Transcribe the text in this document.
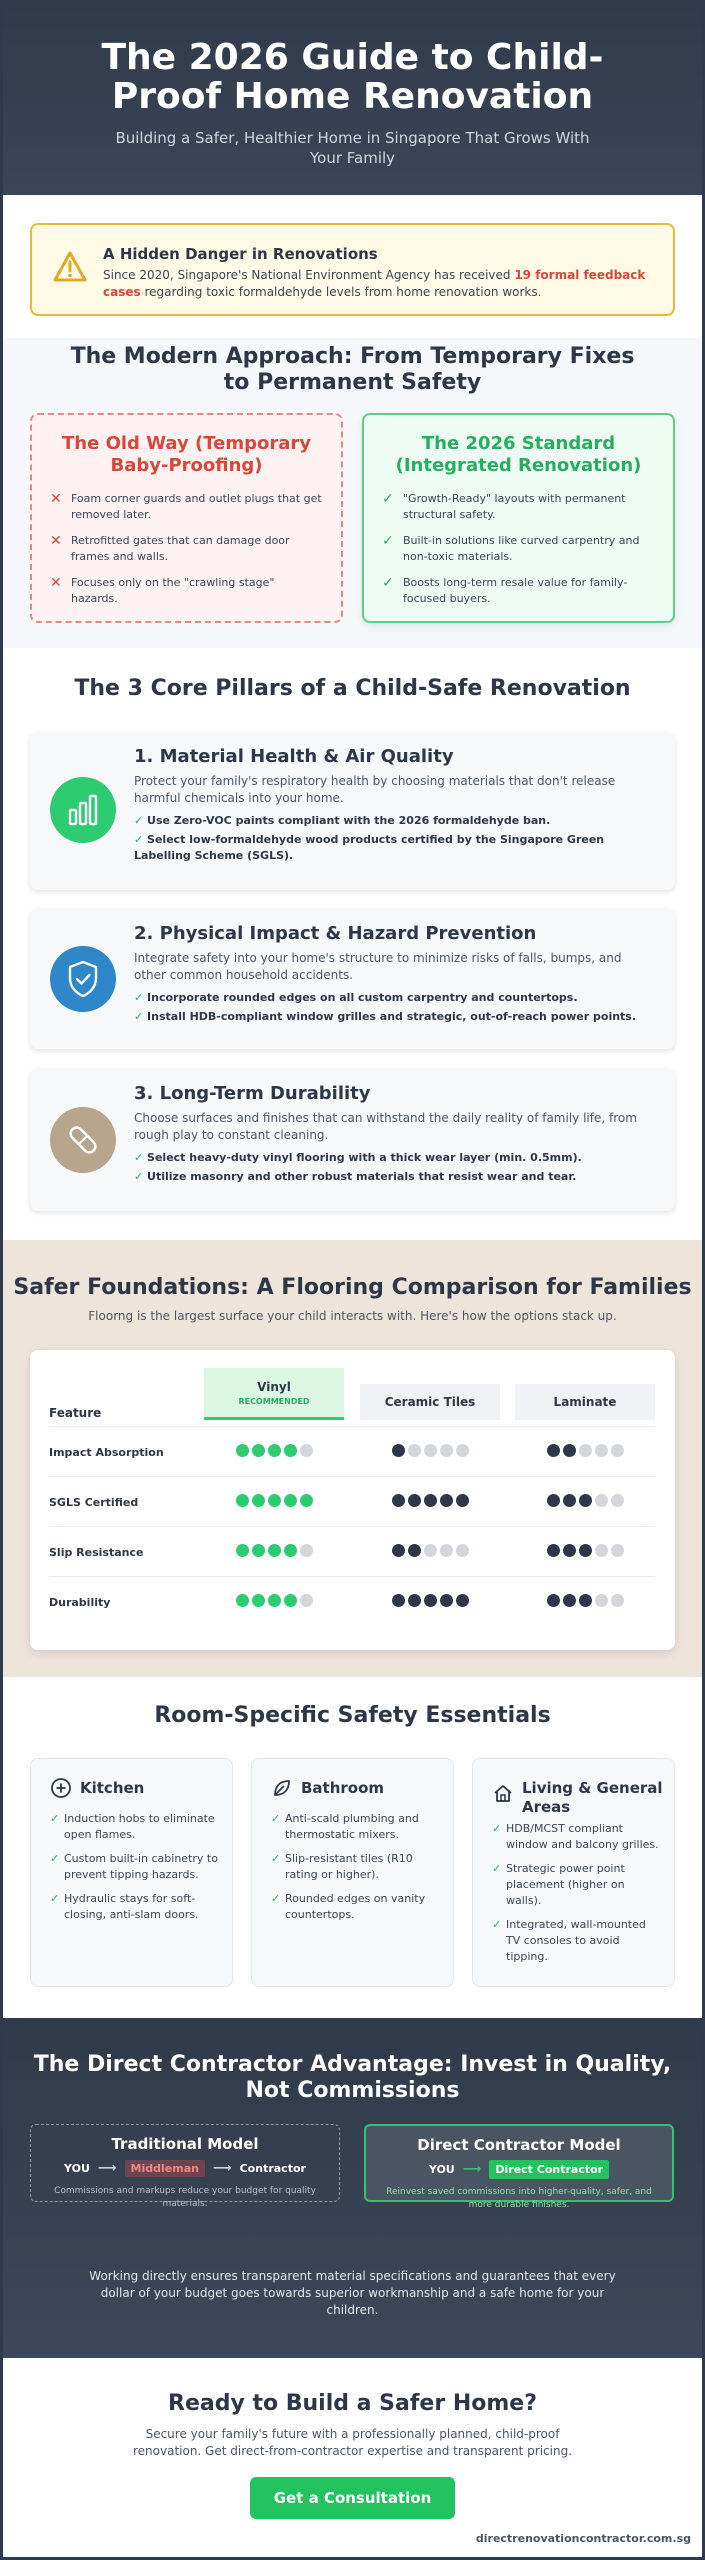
The 2026 Guide to Child-Proof Home Renovation

Building a Safer, Healthier Home in Singapore That Grows With Your Family

A Hidden Danger in Renovations
Since 2020, Singapore's National Environment Agency has received 19 formal feedback cases regarding toxic formaldehyde levels from home renovation works.
The Modern Approach: From Temporary Fixes to Permanent Safety
The Old Way (Temporary Baby-Proofing)
✕ Foam corner guards and outlet plugs that get removed later.
✕ Retrofitted gates that can damage door frames and walls.
✕ Focuses only on the "crawling stage" hazards.
The 2026 Standard (Integrated Renovation)
✓ "Growth-Ready" layouts with permanent structural safety.
✓ Built-in solutions like curved carpentry and non-toxic materials.
✓ Boosts long-term resale value for family-focused buyers.
The 3 Core Pillars of a Child-Safe Renovation
1. Material Health & Air Quality

Protect your family's respiratory health by choosing materials that don't release harmful chemicals into your home.

✓ Use Zero-VOC paints compliant with the 2026 formaldehyde ban.

✓ Select low-formaldehyde wood products certified by the Singapore Green Labelling Scheme (SGLS).

2. Physical Impact & Hazard Prevention

Integrate safety into your home's structure to minimize risks of falls, bumps, and other common household accidents.

✓ Incorporate rounded edges on all custom carpentry and countertops.

✓ Install HDB-compliant window grilles and strategic, out-of-reach power points.

3. Long-Term Durability

Choose surfaces and finishes that can withstand the daily reality of family life, from rough play to constant cleaning.

✓ Select heavy-duty vinyl flooring with a thick wear layer (min. 0.5mm).

✓ Utilize masonry and other robust materials that resist wear and tear.

Safer Foundations: A Flooring Comparison for Families

Floorng is the largest surface your child interacts with. Here's how the options stack up.

Feature
Vinyl
RECOMMENDED	Ceramic Tiles	Laminate
Impact Absorption
SGLS Certified
Slip Resistance
Durability
Room-Specific Safety Essentials
Kitchen
✓ Induction hobs to eliminate open flames.
✓ Custom built-in cabinetry to prevent tipping hazards.
✓ Hydraulic stays for soft-closing, anti-slam doors.
Bathroom
✓ Anti-scald plumbing and thermostatic mixers.
✓ Slip-resistant tiles (R10 rating or higher).
✓ Rounded edges on vanity countertops.
Living & General Areas
✓ HDB/MCST compliant window and balcony grilles.
✓ Strategic power point placement (higher on walls).
✓ Integrated, wall-mounted TV consoles to avoid tipping.
The Direct Contractor Advantage: Invest in Quality, Not Commissions
Traditional Model
YOU ⟶ Middleman ⟶ Contractor
Commissions and markups reduce your budget for quality materials.
Direct Contractor Model
YOU ⟶ Direct Contractor
Reinvest saved commissions into higher-quality, safer, and more durable finishes.

Working directly ensures transparent material specifications and guarantees that every dollar of your budget goes towards superior workmanship and a safe home for your children.

Ready to Build a Safer Home?

Secure your family's future with a professionally planned, child-proof renovation. Get direct-from-contractor expertise and transparent pricing.

Get a Consultation
directrenovationcontractor.com.sg
